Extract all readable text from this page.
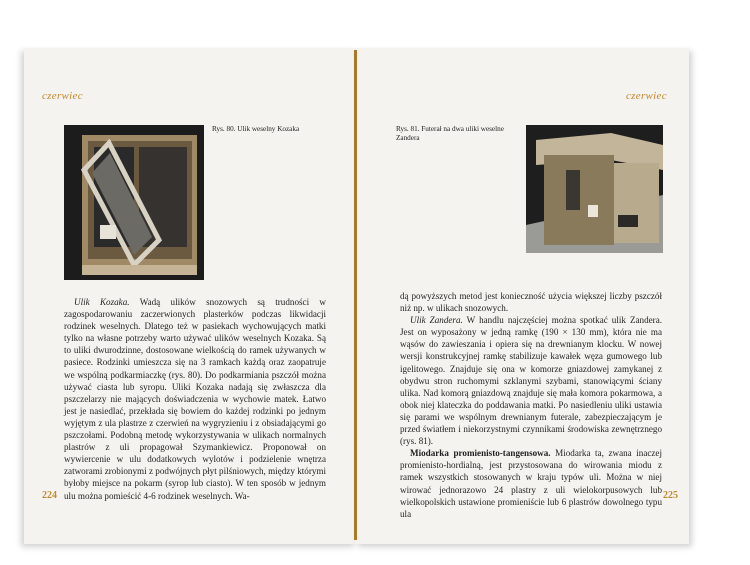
czerwiec	czerwiec
Rys. 80. Ulik weselny Kozaka	Rys. 81. Futerał na dwa uliki weselne Zandera

Ulik Kozaka. Wadą ulików snozowych są trudności w zagospodarowaniu zaczerwionych plasterków podczas likwidacji rodzinek weselnych. Dlatego też w pasiekach wychowujących matki tylko na własne potrzeby warto używać ulików weselnych Kozaka. Są to uliki dwurodzinne, dostosowane wielkością do ramek używanych w pasiece. Rodzinki umieszcza się na 3 ramkach każdą oraz zaopatruje we wspólną podkarmiaczkę (rys. 80). Do podkarmiania pszczół można używać ciasta lub syropu. Uliki Kozaka nadają się zwłaszcza dla pszczelarzy nie mających doświadczenia w wychowie matek. Łatwo jest je nasiedlać, przekłada się bowiem do każdej rodzinki po jednym wyjętym z ula plastrze z czerwień na wygryzieniu i z obsiadającymi go pszczołami. Podobną metodę wykorzystywania w ulikach normalnych plastrów z uli propagował Szymankiewicz. Proponował on wywiercenie w ulu dodatkowych wylotów i podzielenie wnętrza zatworami zrobionymi z podwójnych płyt pilśniowych, między którymi byłoby miejsce na pokarm (syrop lub ciasto). W ten sposób w jednym ulu można pomieścić 4-6 rodzinek weselnych. Wa-

dą powyższych metod jest konieczność użycia większej liczby pszczół niż np. w ulikach snozowych.

Ulik Zandera. W handlu najczęściej można spotkać ulik Zandera. Jest on wyposażony w jedną ramkę (190 × 130 mm), która nie ma wąsów do zawieszania i opiera się na drewnianym klocku. W nowej wersji konstrukcyjnej ramkę stabilizuje kawałek węza gumowego lub igelitowego. Znajduje się ona w komorze gniazdowej zamykanej z obydwu stron ruchomymi szklanymi szybami, stanowiącymi ściany ulika. Nad komorą gniazdową znajduje się mała komora pokarmowa, a obok niej klateczka do poddawania matki. Po nasiedleniu uliki ustawia się parami we wspólnym drewnianym futerale, zabezpieczającym je przed światłem i niekorzystnymi czynnikami środowiska zewnętrznego (rys. 81).

Miodarka promienisto-tangensowa. Miodarka ta, zwana inaczej promienisto-hordialną, jest przystosowana do wirowania miodu z ramek wszystkich stosowanych w kraju typów uli. Można w niej wirować jednorazowo 24 plastry z uli wielokorpusowych lub wielkopolskich ustawione promieniście lub 6 plastrów dowolnego typu ula

224	225
